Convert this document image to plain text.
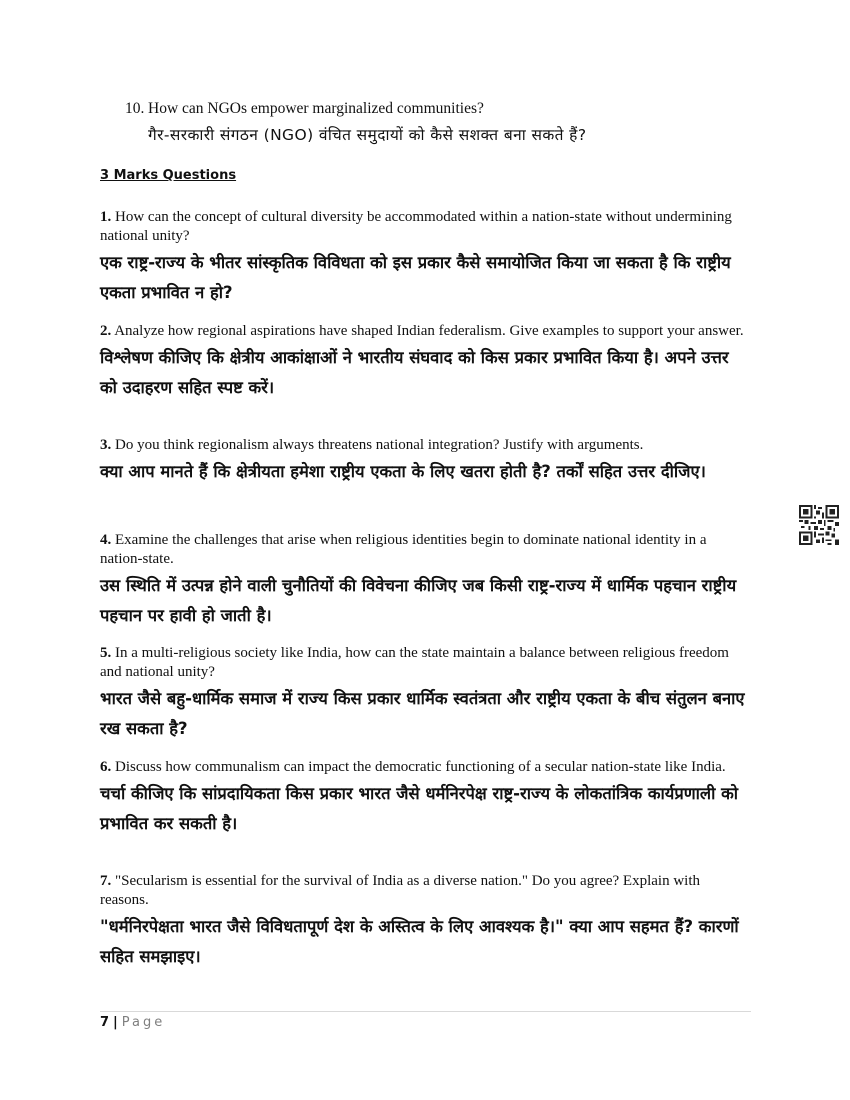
10. How can NGOs empower marginalized communities?
गैर-सरकारी संगठन (NGO) वंचित समुदायों को कैसे सशक्त बना सकते हैं?
3 Marks Questions
1. How can the concept of cultural diversity be accommodated within a nation-state without undermining national unity?
एक राष्ट्र-राज्य के भीतर सांस्कृतिक विविधता को इस प्रकार कैसे समायोजित किया जा सकता है कि राष्ट्रीय एकता प्रभावित न हो?
2. Analyze how regional aspirations have shaped Indian federalism. Give examples to support your answer.
विश्लेषण कीजिए कि क्षेत्रीय आकांक्षाओं ने भारतीय संघवाद को किस प्रकार प्रभावित किया है। अपने उत्तर को उदाहरण सहित स्पष्ट करें।
3. Do you think regionalism always threatens national integration? Justify with arguments.
क्या आप मानते हैं कि क्षेत्रीयता हमेशा राष्ट्रीय एकता के लिए खतरा होती है? तर्कों सहित उत्तर दीजिए।
4. Examine the challenges that arise when religious identities begin to dominate national identity in a nation-state.
उस स्थिति में उत्पन्न होने वाली चुनौतियों की विवेचना कीजिए जब किसी राष्ट्र-राज्य में धार्मिक पहचान राष्ट्रीय पहचान पर हावी हो जाती है।
5. In a multi-religious society like India, how can the state maintain a balance between religious freedom and national unity?
भारत जैसे बहु-धार्मिक समाज में राज्य किस प्रकार धार्मिक स्वतंत्रता और राष्ट्रीय एकता के बीच संतुलन बनाए रख सकता है?
6. Discuss how communalism can impact the democratic functioning of a secular nation-state like India.
चर्चा कीजिए कि सांप्रदायिकता किस प्रकार भारत जैसे धर्मनिरपेक्ष राष्ट्र-राज्य के लोकतांत्रिक कार्यप्रणाली को प्रभावित कर सकती है।
7. "Secularism is essential for the survival of India as a diverse nation." Do you agree? Explain with reasons.
"धर्मनिरपेक्षता भारत जैसे विविधतापूर्ण देश के अस्तित्व के लिए आवश्यक है।" क्या आप सहमत हैं? कारणों सहित समझाइए।
7 | Page
